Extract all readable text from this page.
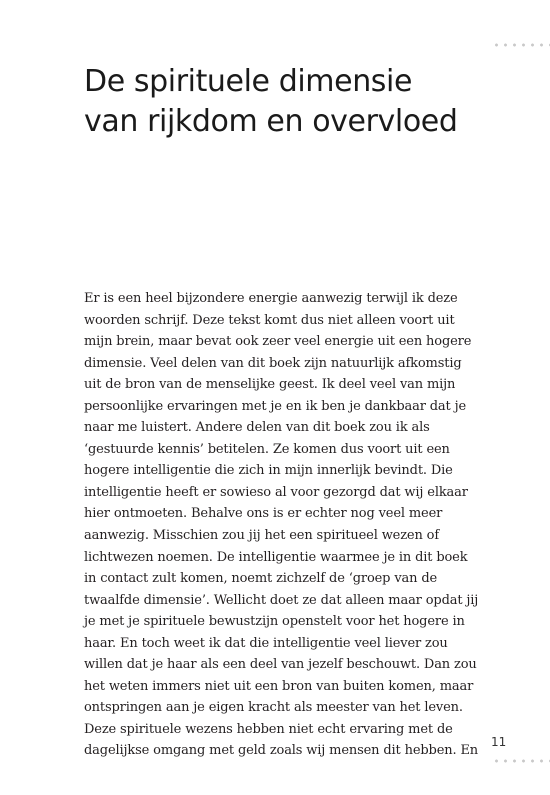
De spirituele dimensie
van rijkdom en overvloed
Er is een heel bijzondere energie aanwezig terwijl ik deze
woorden schrijf. Deze tekst komt dus niet alleen voort uit
mijn brein, maar bevat ook zeer veel energie uit een hogere
dimensie. Veel delen van dit boek zijn natuurlijk afkomstig
uit de bron van de menselijke geest. Ik deel veel van mijn
persoonlijke ervaringen met je en ik ben je dankbaar dat je
naar me luistert. Andere delen van dit boek zou ik als
‘gestuurde kennis’ betitelen. Ze komen dus voort uit een
hogere intelligentie die zich in mijn innerlijk bevindt. Die
intelligentie heeft er sowieso al voor gezorgd dat wij elkaar
hier ontmoeten. Behalve ons is er echter nog veel meer
aanwezig. Misschien zou jij het een spiritueel wezen of
lichtwezen noemen. De intelligentie waarmee je in dit boek
in contact zult komen, noemt zichzelf de ‘groep van de
twaalfde dimensie’. Wellicht doet ze dat alleen maar opdat jij
je met je spirituele bewustzijn openstelt voor het hogere in
haar. En toch weet ik dat die intelligentie veel liever zou
willen dat je haar als een deel van jezelf beschouwt. Dan zou
het weten immers niet uit een bron van buiten komen, maar
ontspringen aan je eigen kracht als meester van het leven.
Deze spirituele wezens hebben niet echt ervaring met de
dagelijkse omgang met geld zoals wij mensen dit hebben. En
11
